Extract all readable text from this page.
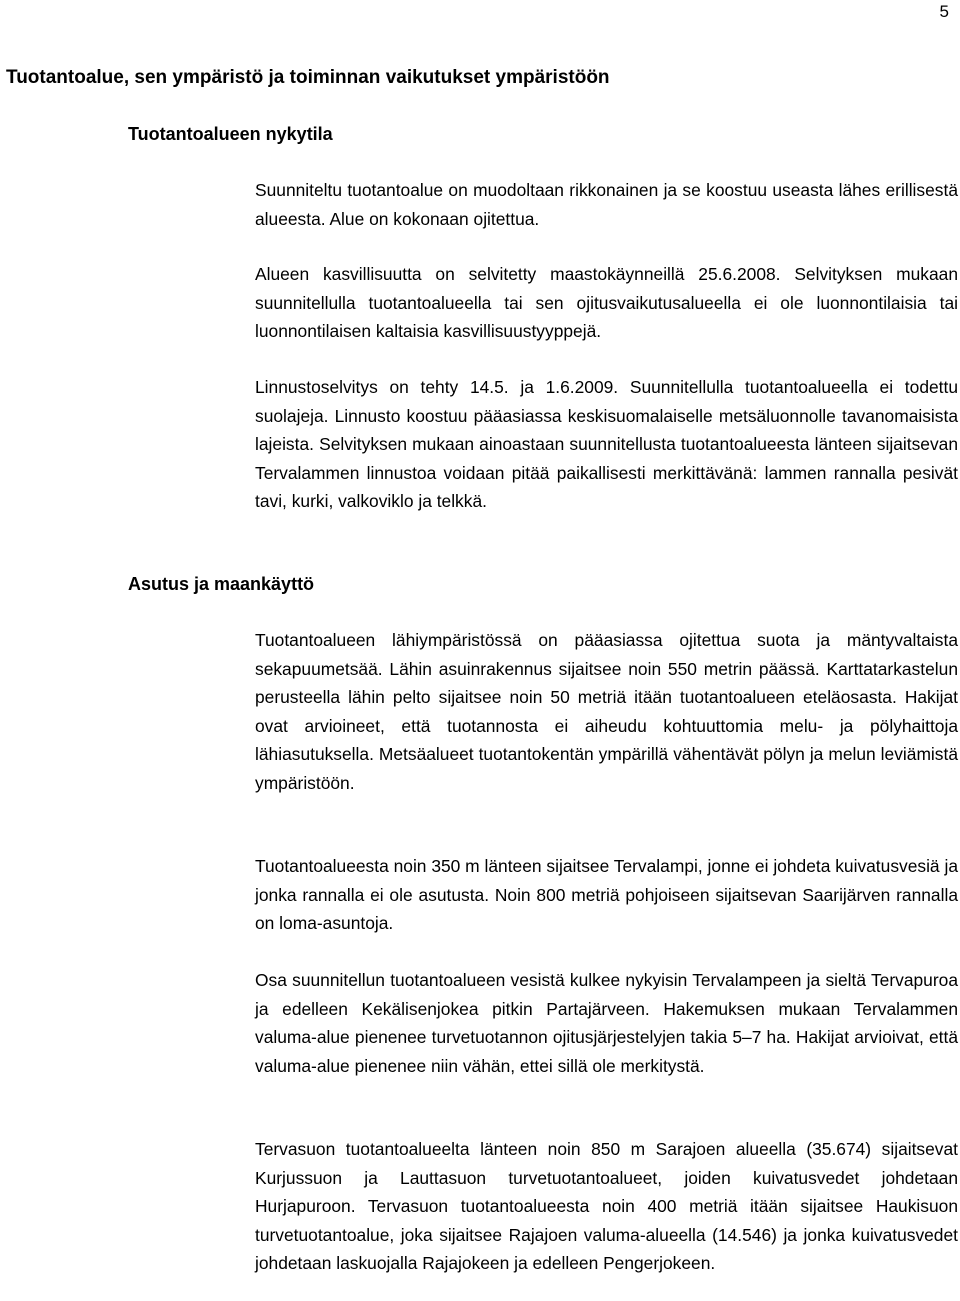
5
Tuotantoalue, sen ympäristö ja toiminnan vaikutukset ympäristöön
Tuotantoalueen nykytila

Suunniteltu tuotantoalue on muodoltaan rikkonainen ja se koostuu useasta lähes erillisestä alueesta. Alue on kokonaan ojitettua.

Alueen kasvillisuutta on selvitetty maastokäynneillä 25.6.2008. Selvityksen mukaan suunnitellulla tuotantoalueella tai sen ojitusvaikutusalueella ei ole luonnontilaisia tai luonnontilaisen kaltaisia kasvillisuustyyppejä.

Linnustoselvitys on tehty 14.5. ja 1.6.2009. Suunnitellulla tuotantoalueella ei todettu suolajeja. Linnusto koostuu pääasiassa keskisuomalaiselle metsäluonnolle tavanomaisista lajeista. Selvityksen mukaan ainoastaan suunnitellusta tuotantoalueesta länteen sijaitsevan Tervalammen linnustoa voidaan pitää paikallisesti merkittävänä: lammen rannalla pesivät tavi, kurki, valkoviklo ja telkkä.

Asutus ja maankäyttö

Tuotantoalueen lähiympäristössä on pääasiassa ojitettua suota ja mäntyvaltaista sekapuumetsää. Lähin asuinrakennus sijaitsee noin 550 metrin päässä. Karttatarkastelun perusteella lähin pelto sijaitsee noin 50 metriä itään tuotantoalueen eteläosasta. Hakijat ovat arvioineet, että tuotannosta ei aiheudu kohtuuttomia melu- ja pölyhaittoja lähiasutuksella. Metsäalueet tuotantokentän ympärillä vähentävät pölyn ja melun leviämistä ympäristöön.

Tuotantoalueesta noin 350 m länteen sijaitsee Tervalampi, jonne ei johdeta kuivatusvesiä ja jonka rannalla ei ole asutusta. Noin 800 metriä pohjoiseen sijaitsevan Saarijärven rannalla on loma-asuntoja.

Osa suunnitellun tuotantoalueen vesistä kulkee nykyisin Tervalampeen ja sieltä Tervapuroa ja edelleen Kekälisenjokea pitkin Partajärveen. Hakemuksen mukaan Tervalammen valuma-alue pienenee turvetuotannon ojitusjärjestelyjen takia 5–7 ha. Hakijat arvioivat, että valuma-alue pienenee niin vähän, ettei sillä ole merkitystä.

Tervasuon tuotantoalueelta länteen noin 850 m Sarajoen alueella (35.674) sijaitsevat Kurjussuon ja Lauttasuon turvetuotantoalueet, joiden kuivatusvedet johdetaan Hurjapuroon. Tervasuon tuotantoalueesta noin 400 metriä itään sijaitsee Haukisuon turvetuotantoalue, joka sijaitsee Rajajoen valuma-alueella (14.546) ja jonka kuivatusvedet johdetaan laskuojalla Rajajokeen ja edelleen Pengerjokeen.
